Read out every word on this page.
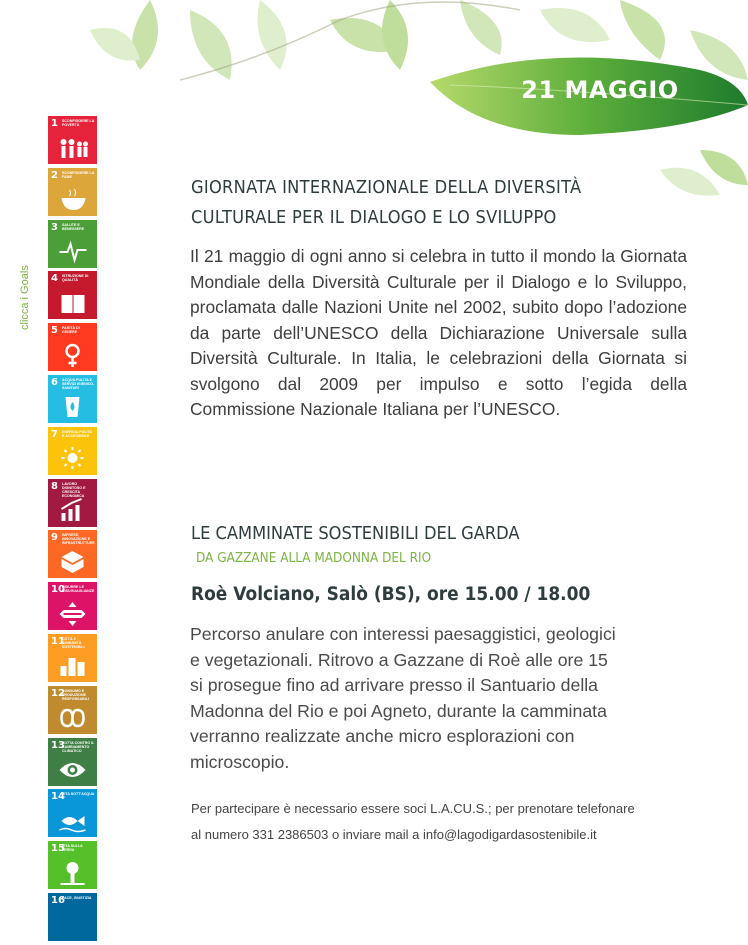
21 MAGGIO
clicca i Goals
1 SCONFIGGERE LA POVERTÀ
2 SCONFIGGERE LA FAME
3 SALUTE E BENESSERE
4 ISTRUZIONE DI QUALITÀ
5 PARITÀ DI GENERE
6 ACQUA PULITA E SERVIZI IGIENICO-SANITARI
7 ENERGIA PULITA E ACCESSIBILE
8 LAVORO DIGNITOSO E CRESCITA ECONOMICA
9 IMPRESE, INNOVAZIONE E INFRASTRUTTURE
10
RIDURRE LE DISUGUAGLIANZE
11
CITTÀ E COMUNITÀ SOSTENIBILI
12
CONSUMO E PRODUZIONE RESPONSABILI
13
LOTTA CONTRO IL CAMBIAMENTO CLIMATICO
14
VITA SOTT'ACQUA
15
VITA SULLA TERRA
16
PACE, GIUSTIZIA
GIORNATA INTERNAZIONALE DELLA DIVERSITÀ
CULTURALE PER IL DIALOGO E LO SVILUPPO
Il 21 maggio di ogni anno si celebra in tutto il mondo la Giornata Mondiale della Diversità Culturale per il Dialogo e lo Sviluppo, proclamata dalle Nazioni Unite nel 2002, subito dopo l’adozione da parte dell’UNESCO della Dichiarazione Universale sulla Diversità Culturale. In Italia, le celebrazioni della Giornata si svolgono dal 2009 per impulso e sotto l’egida della Commissione Nazionale Italiana per l’UNESCO.
LE CAMMINATE SOSTENIBILI DEL GARDA
DA GAZZANE ALLA MADONNA DEL RIO
Roè Volciano, Salò (BS), ore 15.00 / 18.00
Percorso anulare con interessi paesaggistici, geologici
e vegetazionali. Ritrovo a Gazzane di Roè alle ore 15
si prosegue fino ad arrivare presso il Santuario della
Madonna del Rio e poi Agneto, durante la camminata
verranno realizzate anche micro esplorazioni con
microscopio.
Per partecipare è necessario essere soci L.A.CU.S.; per prenotare telefonare
al numero 331 2386503 o inviare mail a info@lagodigardasostenibile.it
